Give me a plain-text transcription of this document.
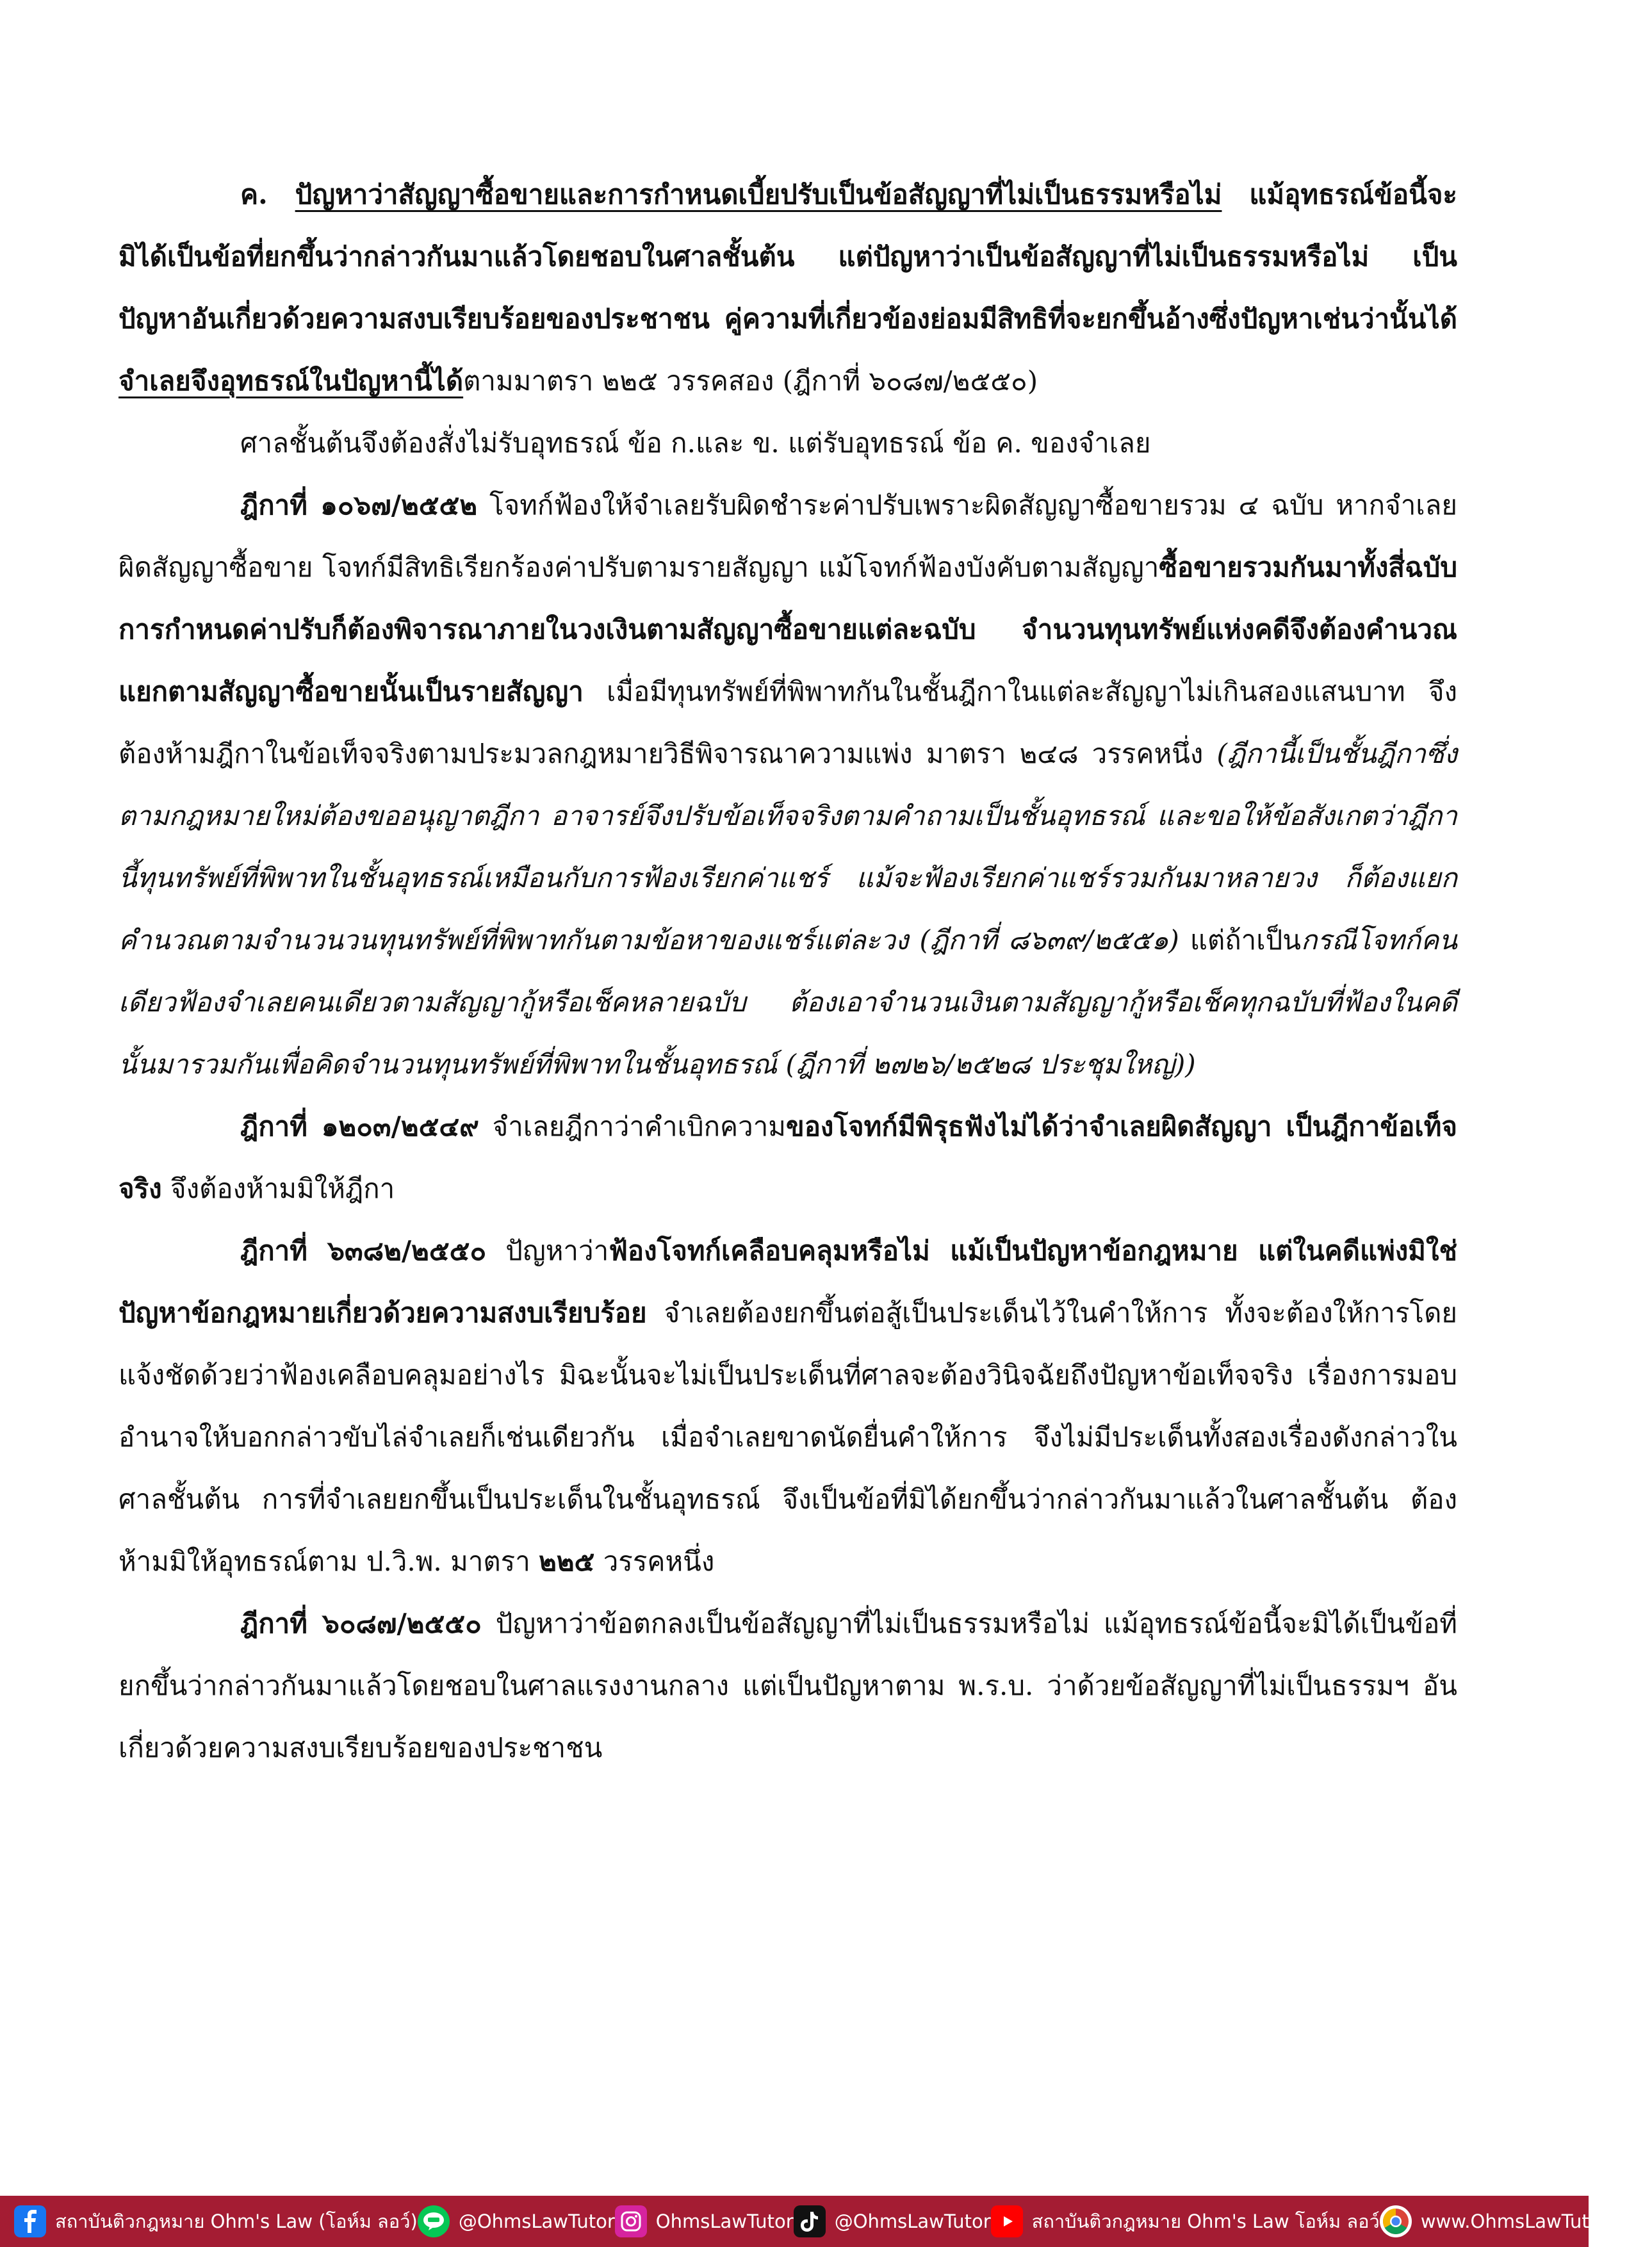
ค. ปัญหาว่าสัญญาซื้อขายและการกำหนดเบี้ยปรับเป็นข้อสัญญาที่ไม่เป็นธรรมหรือไม่ แม้อุทธรณ์ข้อนี้จะมิได้เป็นข้อที่ยกขึ้นว่ากล่าวกันมาแล้วโดยชอบในศาลชั้นต้น แต่ปัญหาว่าเป็นข้อสัญญาที่ไม่เป็นธรรมหรือไม่ เป็นปัญหาอันเกี่ยวด้วยความสงบเรียบร้อยของประชาชน คู่ความที่เกี่ยวข้องย่อมมีสิทธิที่จะยกขึ้นอ้างซึ่งปัญหาเช่นว่านั้นได้ จำเลยจึงอุทธรณ์ในปัญหานี้ได้ตามมาตรา ๒๒๕ วรรคสอง (ฎีกาที่ ๖๐๘๗/๒๕๕๐)

ศาลชั้นต้นจึงต้องสั่งไม่รับอุทธรณ์ ข้อ ก.และ ข. แต่รับอุทธรณ์ ข้อ ค. ของจำเลย

ฎีกาที่ ๑๐๖๗/๒๕๕๒ โจทก์ฟ้องให้จำเลยรับผิดชำระค่าปรับเพราะผิดสัญญาซื้อขายรวม ๔ ฉบับ หากจำเลยผิดสัญญาซื้อขาย โจทก์มีสิทธิเรียกร้องค่าปรับตามรายสัญญา แม้โจทก์ฟ้องบังคับตามสัญญาซื้อขายรวมกันมาทั้งสี่ฉบับ การกำหนดค่าปรับก็ต้องพิจารณาภายในวงเงินตามสัญญาซื้อขายแต่ละฉบับ จำนวนทุนทรัพย์แห่งคดีจึงต้องคำนวณแยกตามสัญญาซื้อขายนั้นเป็นรายสัญญา เมื่อมีทุนทรัพย์ที่พิพาทกันในชั้นฎีกาในแต่ละสัญญาไม่เกินสองแสนบาท จึงต้องห้ามฎีกาในข้อเท็จจริงตามประมวลกฎหมายวิธีพิจารณาความแพ่ง มาตรา ๒๔๘ วรรคหนึ่ง (ฎีกานี้เป็นชั้นฎีกาซึ่งตามกฎหมายใหม่ต้องขออนุญาตฎีกา อาจารย์จึงปรับข้อเท็จจริงตามคำถามเป็นชั้นอุทธรณ์ และขอให้ข้อสังเกตว่าฎีกานี้ทุนทรัพย์ที่พิพาทในชั้นอุทธรณ์เหมือนกับการฟ้องเรียกค่าแชร์ แม้จะฟ้องเรียกค่าแชร์รวมกันมาหลายวง ก็ต้องแยกคำนวณตามจำนวนวนทุนทรัพย์ที่พิพาทกันตามข้อหาของแชร์แต่ละวง (ฎีกาที่ ๘๖๓๙/๒๕๕๑) แต่ถ้าเป็นกรณีโจทก์คนเดียวฟ้องจำเลยคนเดียวตามสัญญากู้หรือเช็คหลายฉบับ ต้องเอาจำนวนเงินตามสัญญากู้หรือเช็คทุกฉบับที่ฟ้องในคดีนั้นมารวมกันเพื่อคิดจำนวนทุนทรัพย์ที่พิพาทในชั้นอุทธรณ์ (ฎีกาที่ ๒๗๒๖/๒๕๒๘ ประชุมใหญ่))

ฎีกาที่ ๑๒๐๓/๒๕๔๙ จำเลยฎีกาว่าคำเบิกความของโจทก์มีพิรุธฟังไม่ได้ว่าจำเลยผิดสัญญา เป็นฎีกาข้อเท็จจริง จึงต้องห้ามมิให้ฎีกา

ฎีกาที่ ๖๓๘๒/๒๕๕๐ ปัญหาว่าฟ้องโจทก์เคลือบคลุมหรือไม่ แม้เป็นปัญหาข้อกฎหมาย แต่ในคดีแพ่งมิใช่ปัญหาข้อกฎหมายเกี่ยวด้วยความสงบเรียบร้อย จำเลยต้องยกขึ้นต่อสู้เป็นประเด็นไว้ในคำให้การ ทั้งจะต้องให้การโดยแจ้งชัดด้วยว่าฟ้องเคลือบคลุมอย่างไร มิฉะนั้นจะไม่เป็นประเด็นที่ศาลจะต้องวินิจฉัยถึงปัญหาข้อเท็จจริง เรื่องการมอบอำนาจให้บอกกล่าวขับไล่จำเลยก็เช่นเดียวกัน เมื่อจำเลยขาดนัดยื่นคำให้การ จึงไม่มีประเด็นทั้งสองเรื่องดังกล่าวในศาลชั้นต้น การที่จำเลยยกขึ้นเป็นประเด็นในชั้นอุทธรณ์ จึงเป็นข้อที่มิได้ยกขึ้นว่ากล่าวกันมาแล้วในศาลชั้นต้น ต้องห้ามมิให้อุทธรณ์ตาม ป.วิ.พ. มาตรา ๒๒๕ วรรคหนึ่ง

ฎีกาที่ ๖๐๘๗/๒๕๕๐ ปัญหาว่าข้อตกลงเป็นข้อสัญญาที่ไม่เป็นธรรมหรือไม่ แม้อุทธรณ์ข้อนี้จะมิได้เป็นข้อที่ยกขึ้นว่ากล่าวกันมาแล้วโดยชอบในศาลแรงงานกลาง แต่เป็นปัญหาตาม พ.ร.บ. ว่าด้วยข้อสัญญาที่ไม่เป็นธรรมฯ อันเกี่ยวด้วยความสงบเรียบร้อยของประชาชน

สถาบันติวกฎหมาย Ohm's Law (โอห์ม ลอว์) @OhmsLawTutor OhmsLawTutor @OhmsLawTutor สถาบันติวกฎหมาย Ohm's Law โอห์ม ลอว์ www.OhmsLawTutor.com
